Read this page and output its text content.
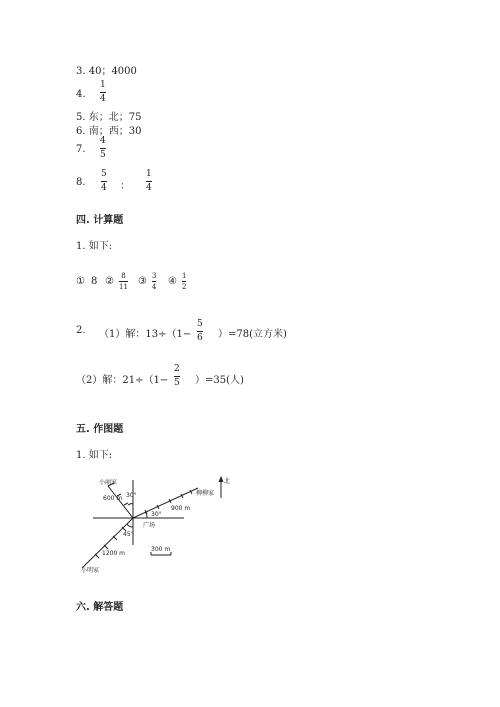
3. 40；4000
4.
1
4
5. 东；北；75
6. 南；西；30
7.
4
5
8.
5
4 ：
1
4
四. 计算题
1. 如下:
① 8 ②	8
11 ③ 3
4 ④ 1
2
2. （1）解：13÷（1−
5
6 ）=78(立方米)
（2）解：21÷（1−
2
5 ）=35(人)
五. 作图题
1. 如下:
小丽家
600 m 30°	柳柳家
900 m
30°
北
广场
45°
1200 m
小明家
300 m
六. 解答题
